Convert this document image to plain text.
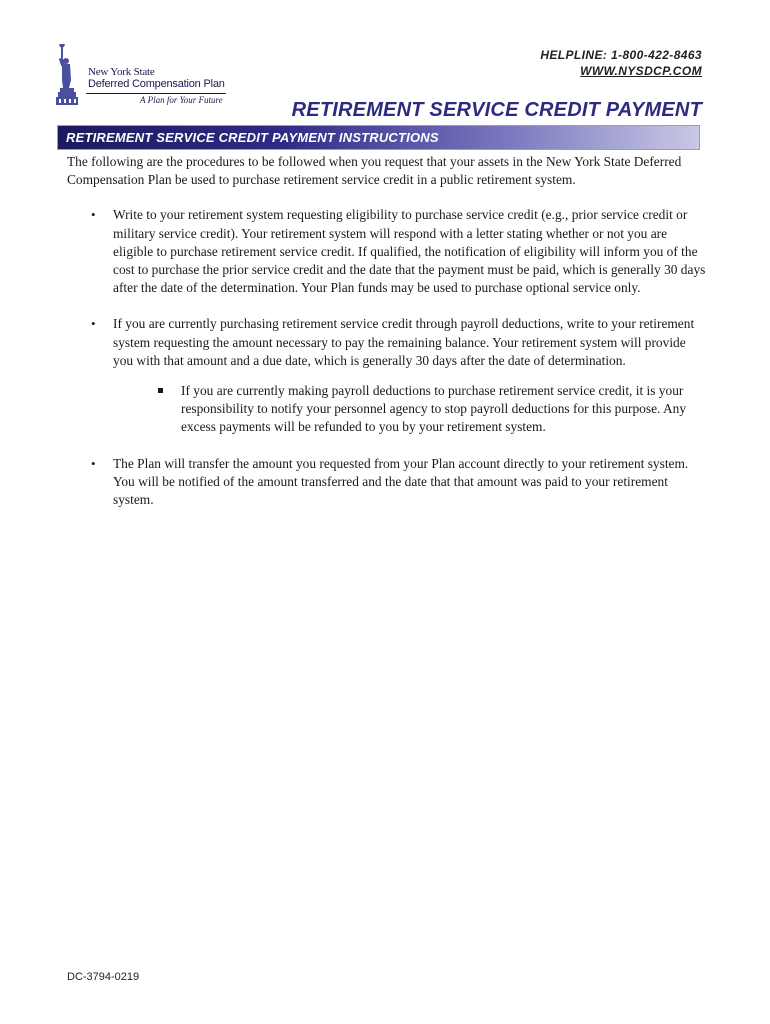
New York State
Deferred Compensation Plan
A Plan for Your Future
HELPLINE: 1-800-422-8463
WWW.NYSDCP.COM
RETIREMENT SERVICE CREDIT PAYMENT
RETIREMENT SERVICE CREDIT PAYMENT INSTRUCTIONS

The following are the procedures to be followed when you request that your assets in the New York State Deferred Compensation Plan be used to purchase retirement service credit in a public retirement system.

• Write to your retirement system requesting eligibility to purchase service credit (e.g., prior service credit or military service credit). Your retirement system will respond with a letter stating whether or not you are eligible to purchase retirement service credit. If qualified, the notification of eligibility will inform you of the cost to purchase the prior service credit and the date that the payment must be paid, which is generally 30 days after the date of the determination. Your Plan funds may be used to purchase optional service only.
• If you are currently purchasing retirement service credit through payroll deductions, write to your retirement system requesting the amount necessary to pay the remaining balance. Your retirement system will provide you with that amount and a due date, which is generally 30 days after the date of determination.
If you are currently making payroll deductions to purchase retirement service credit, it is your responsibility to notify your personnel agency to stop payroll deductions for this purpose. Any excess payments will be refunded to you by your retirement system.
• The Plan will transfer the amount you requested from your Plan account directly to your retirement system. You will be notified of the amount transferred and the date that that amount was paid to your retirement system.
DC-3794-0219
